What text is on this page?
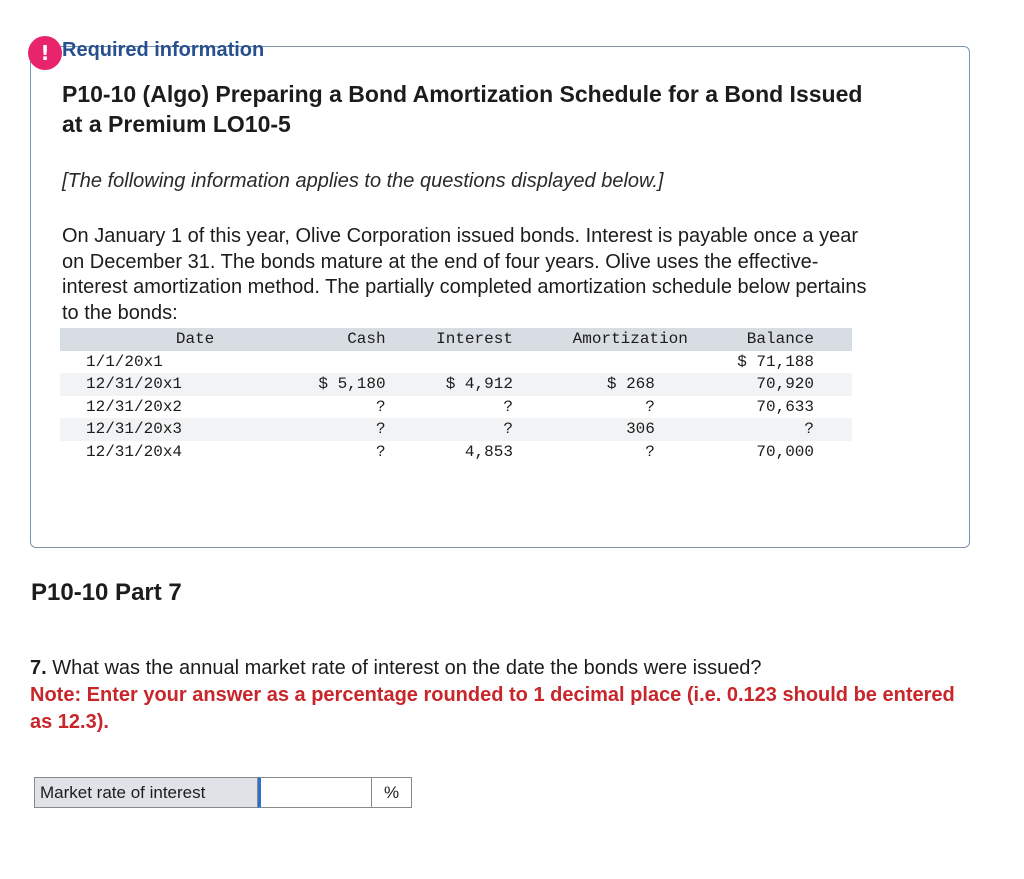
! Required information
P10-10 (Algo) Preparing a Bond Amortization Schedule for a Bond Issued at a Premium LO10-5

[The following information applies to the questions displayed below.]

On January 1 of this year, Olive Corporation issued bonds. Interest is payable once a year on December 31. The bonds mature at the end of four years. Olive uses the effective-interest amortization method. The partially completed amortization schedule below pertains to the bonds:

Date	Cash	Interest	Amortization	Balance
1/1/20x1				$ 71,188
12/31/20x1	$ 5,180	$ 4,912	$ 268	70,920
12/31/20x2	?	?	?	70,633
12/31/20x3	?	?	306	?
12/31/20x4	?	4,853	?	70,000
P10-10 Part 7

7. What was the annual market rate of interest on the date the bonds were issued?

Note: Enter your answer as a percentage rounded to 1 decimal place (i.e. 0.123 should be entered as 12.3).

Market rate of interest	%
